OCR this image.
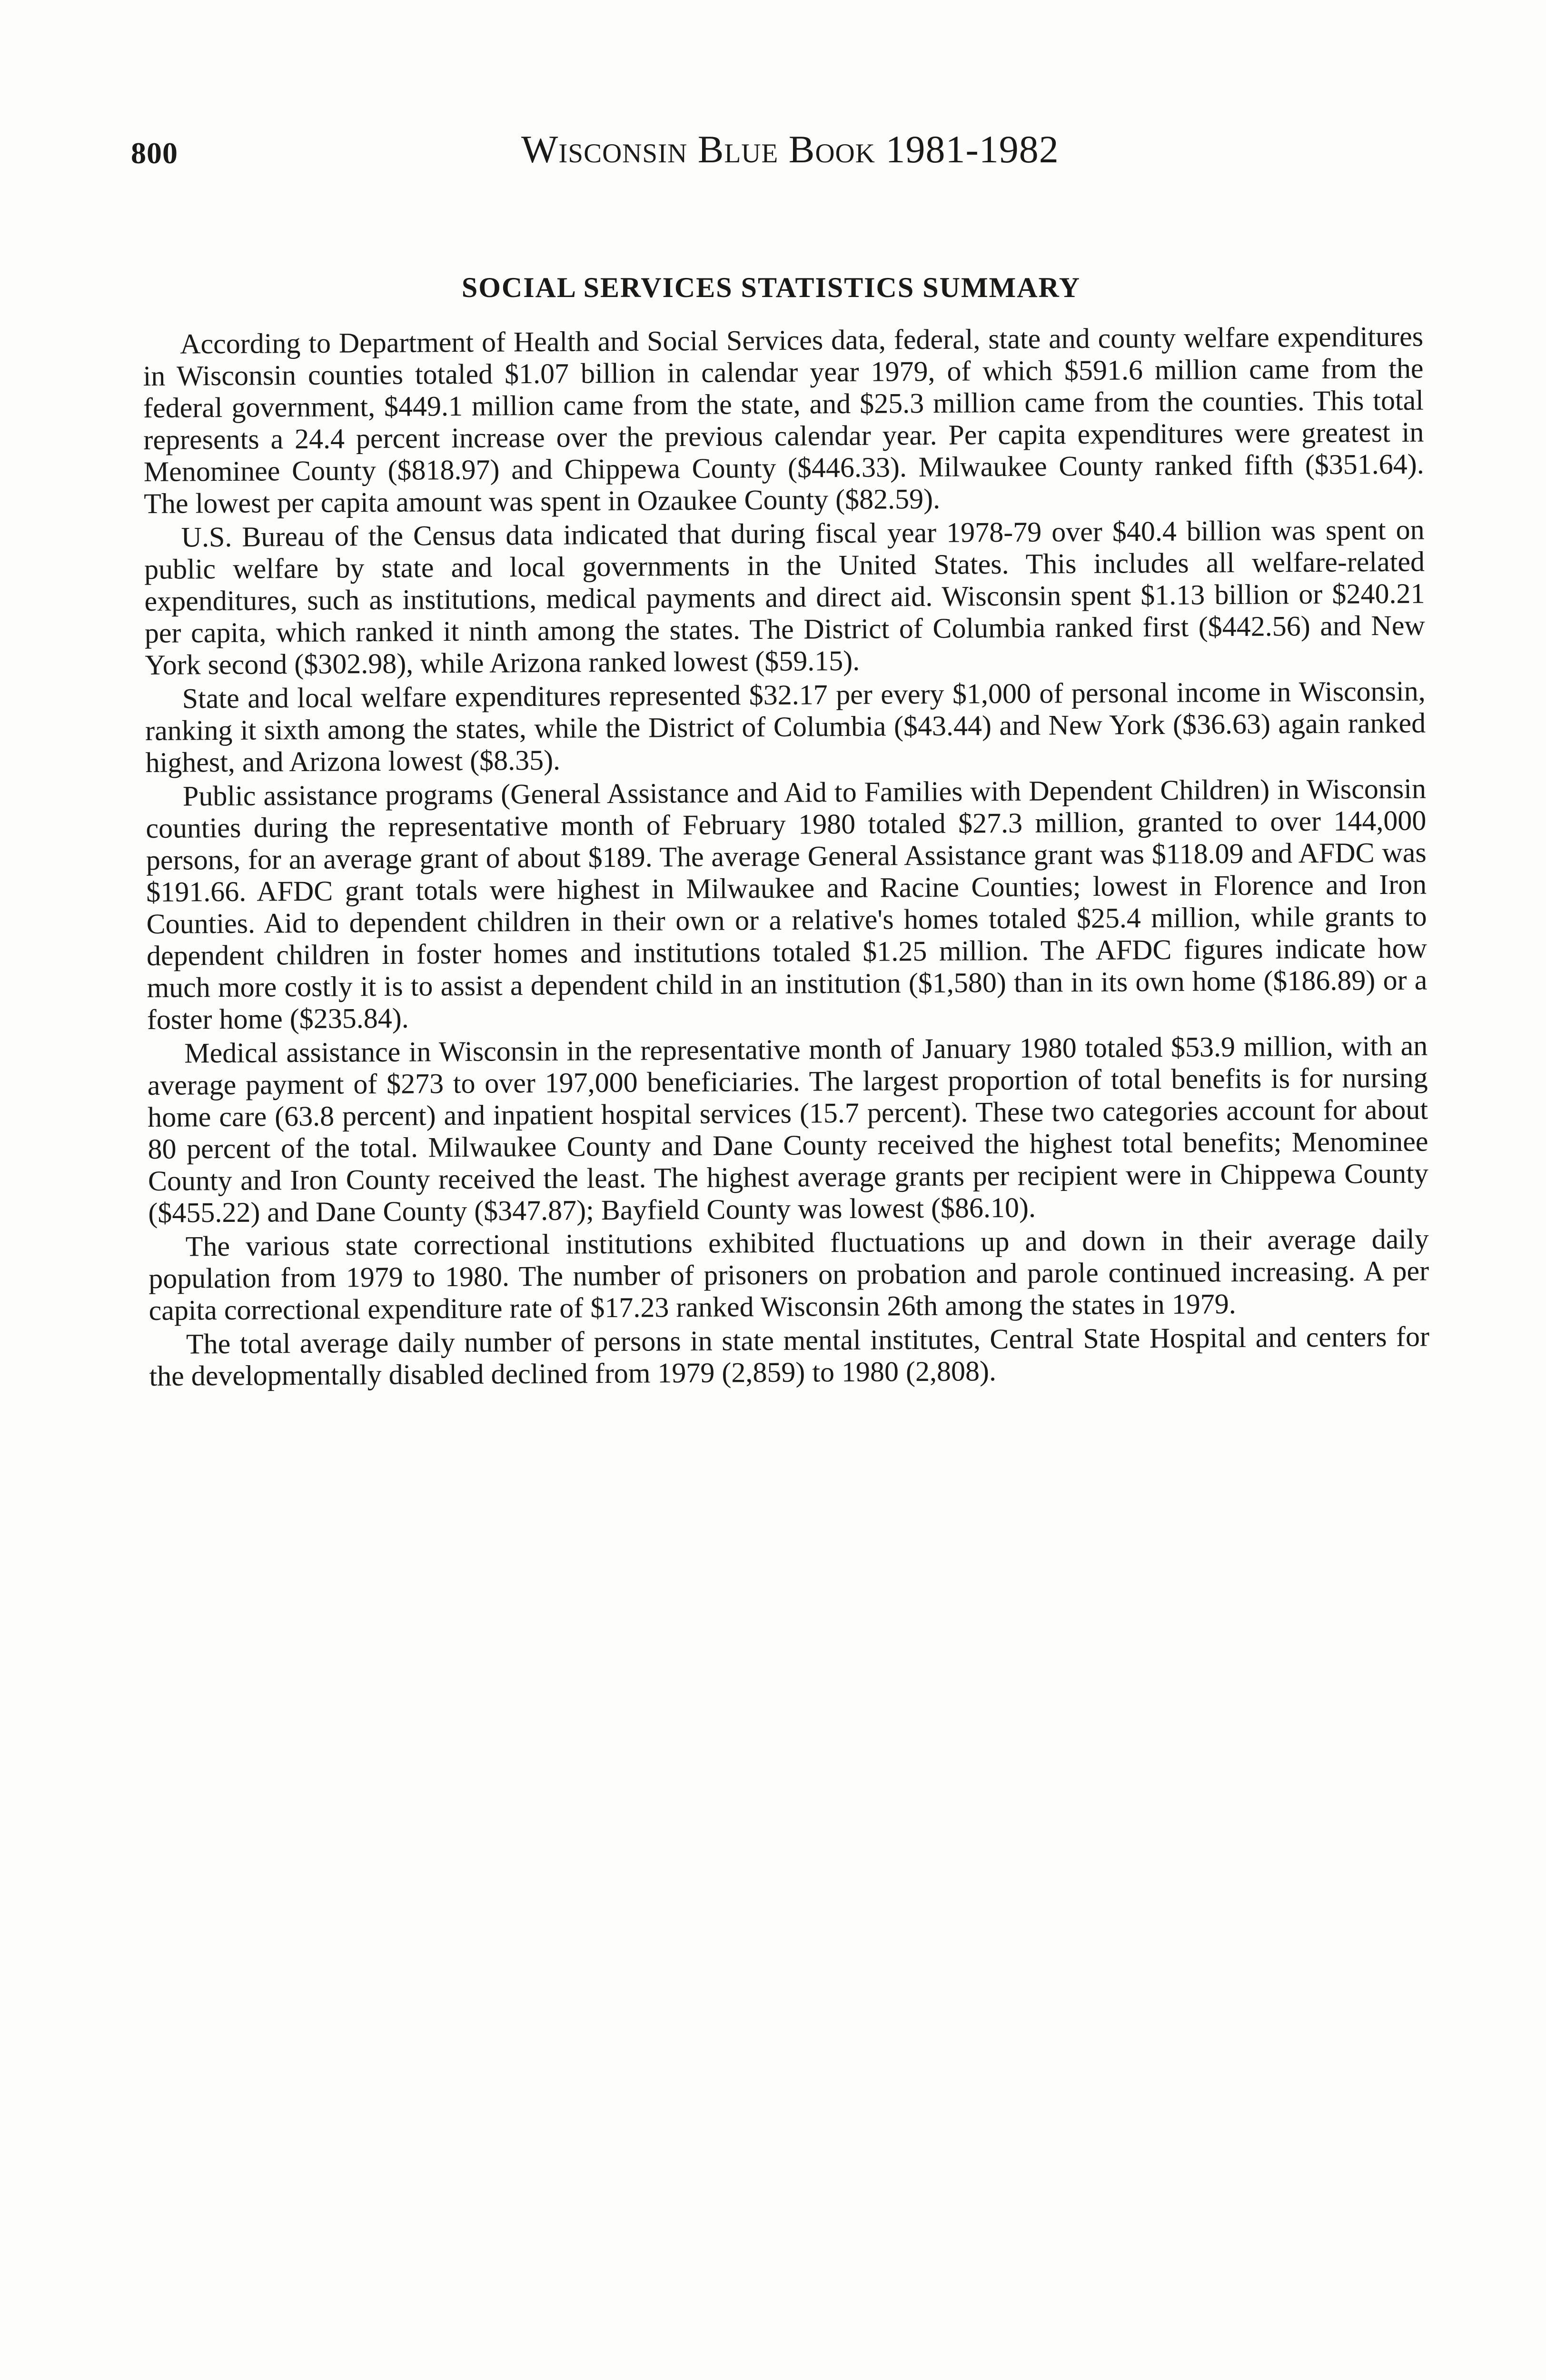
800	Wisconsin Blue Book 1981-1982
SOCIAL SERVICES STATISTICS SUMMARY

According to Department of Health and Social Services data, federal, state and county welfare expenditures in Wisconsin counties totaled $1.07 billion in calendar year 1979, of which $591.6 million came from the federal government, $449.1 million came from the state, and $25.3 million came from the counties. This total represents a 24.4 percent increase over the previous calendar year. Per capita expenditures were greatest in Menominee County ($818.97) and Chippewa County ($446.33). Milwaukee County ranked fifth ($351.64). The lowest per capita amount was spent in Ozaukee County ($82.59).

U.S. Bureau of the Census data indicated that during fiscal year 1978-79 over $40.4 billion was spent on public welfare by state and local governments in the United States. This includes all welfare-related expenditures, such as institutions, medical payments and direct aid. Wisconsin spent $1.13 billion or $240.21 per capita, which ranked it ninth among the states. The District of Columbia ranked first ($442.56) and New York second ($302.98), while Arizona ranked lowest ($59.15).

State and local welfare expenditures represented $32.17 per every $1,000 of personal income in Wisconsin, ranking it sixth among the states, while the District of Columbia ($43.44) and New York ($36.63) again ranked highest, and Arizona lowest ($8.35).

Public assistance programs (General Assistance and Aid to Families with Dependent Children) in Wisconsin counties during the representative month of February 1980 totaled $27.3 million, granted to over 144,000 persons, for an average grant of about $189. The average General Assistance grant was $118.09 and AFDC was $191.66. AFDC grant totals were highest in Milwaukee and Racine Counties; lowest in Florence and Iron Counties. Aid to dependent children in their own or a relative's homes totaled $25.4 million, while grants to dependent children in foster homes and institutions totaled $1.25 million. The AFDC figures indicate how much more costly it is to assist a dependent child in an institution ($1,580) than in its own home ($186.89) or a foster home ($235.84).

Medical assistance in Wisconsin in the representative month of January 1980 totaled $53.9 million, with an average payment of $273 to over 197,000 beneficiaries. The largest proportion of total benefits is for nursing home care (63.8 percent) and inpatient hospital services (15.7 percent). These two categories account for about 80 percent of the total. Milwaukee County and Dane County received the highest total benefits; Menominee County and Iron County received the least. The highest average grants per recipient were in Chippewa County ($455.22) and Dane County ($347.87); Bayfield County was lowest ($86.10).

The various state correctional institutions exhibited fluctuations up and down in their average daily population from 1979 to 1980. The number of prisoners on probation and parole continued increasing. A per capita correctional expenditure rate of $17.23 ranked Wisconsin 26th among the states in 1979.

The total average daily number of persons in state mental institutes, Central State Hospital and centers for the developmentally disabled declined from 1979 (2,859) to 1980 (2,808).
